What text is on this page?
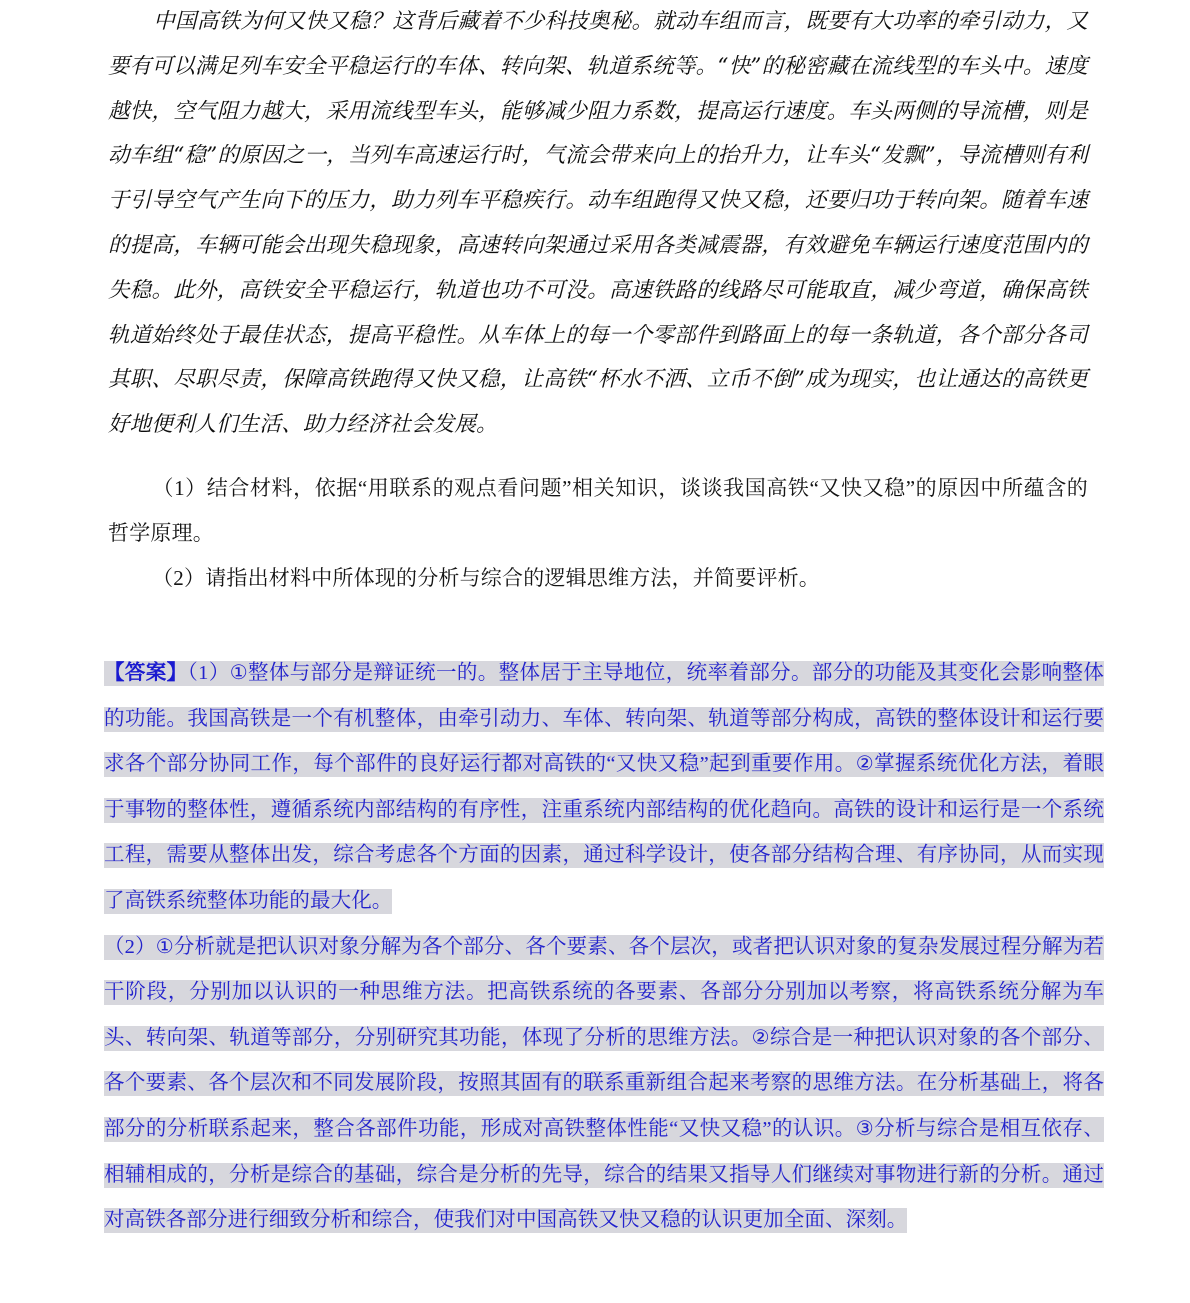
中国高铁为何又快又稳？这背后藏着不少科技奥秘。就动车组而言，既要有大功率的牵引动力，又要有可以满足列车安全平稳运行的车体、转向架、轨道系统等。“快”的秘密藏在流线型的车头中。速度越快，空气阻力越大，采用流线型车头，能够减少阻力系数，提高运行速度。车头两侧的导流槽，则是动车组“稳”的原因之一，当列车高速运行时，气流会带来向上的抬升力，让车头“发飘”，导流槽则有利于引导空气产生向下的压力，助力列车平稳疾行。动车组跑得又快又稳，还要归功于转向架。随着车速的提高，车辆可能会出现失稳现象，高速转向架通过采用各类减震器，有效避免车辆运行速度范围内的失稳。此外，高铁安全平稳运行，轨道也功不可没。高速铁路的线路尽可能取直，减少弯道，确保高铁轨道始终处于最佳状态，提高平稳性。从车体上的每一个零部件到路面上的每一条轨道，各个部分各司其职、尽职尽责，保障高铁跑得又快又稳，让高铁“杯水不洒、立币不倒”成为现实，也让通达的高铁更好地便利人们生活、助力经济社会发展。
（1）结合材料，依据“用联系的观点看问题”相关知识，谈谈我国高铁“又快又稳”的原因中所蕴含的哲学原理。
（2）请指出材料中所体现的分析与综合的逻辑思维方法，并简要评析。

【答案】（1）①整体与部分是辩证统一的。整体居于主导地位，统率着部分。部分的功能及其变化会影响整体的功能。我国高铁是一个有机整体，由牵引动力、车体、转向架、轨道等部分构成，高铁的整体设计和运行要求各个部分协同工作，每个部件的良好运行都对高铁的“又快又稳”起到重要作用。②掌握系统优化方法，着眼于事物的整体性，遵循系统内部结构的有序性，注重系统内部结构的优化趋向。高铁的设计和运行是一个系统工程，需要从整体出发，综合考虑各个方面的因素，通过科学设计，使各部分结构合理、有序协同，从而实现了高铁系统整体功能的最大化。

（2）①分析就是把认识对象分解为各个部分、各个要素、各个层次，或者把认识对象的复杂发展过程分解为若干阶段，分别加以认识的一种思维方法。把高铁系统的各要素、各部分分别加以考察，将高铁系统分解为车头、转向架、轨道等部分，分别研究其功能，体现了分析的思维方法。②综合是一种把认识对象的各个部分、各个要素、各个层次和不同发展阶段，按照其固有的联系重新组合起来考察的思维方法。在分析基础上，将各部分的分析联系起来，整合各部件功能，形成对高铁整体性能“又快又稳”的认识。③分析与综合是相互依存、相辅相成的，分析是综合的基础，综合是分析的先导，综合的结果又指导人们继续对事物进行新的分析。通过对高铁各部分进行细致分析和综合，使我们对中国高铁又快又稳的认识更加全面、深刻。
